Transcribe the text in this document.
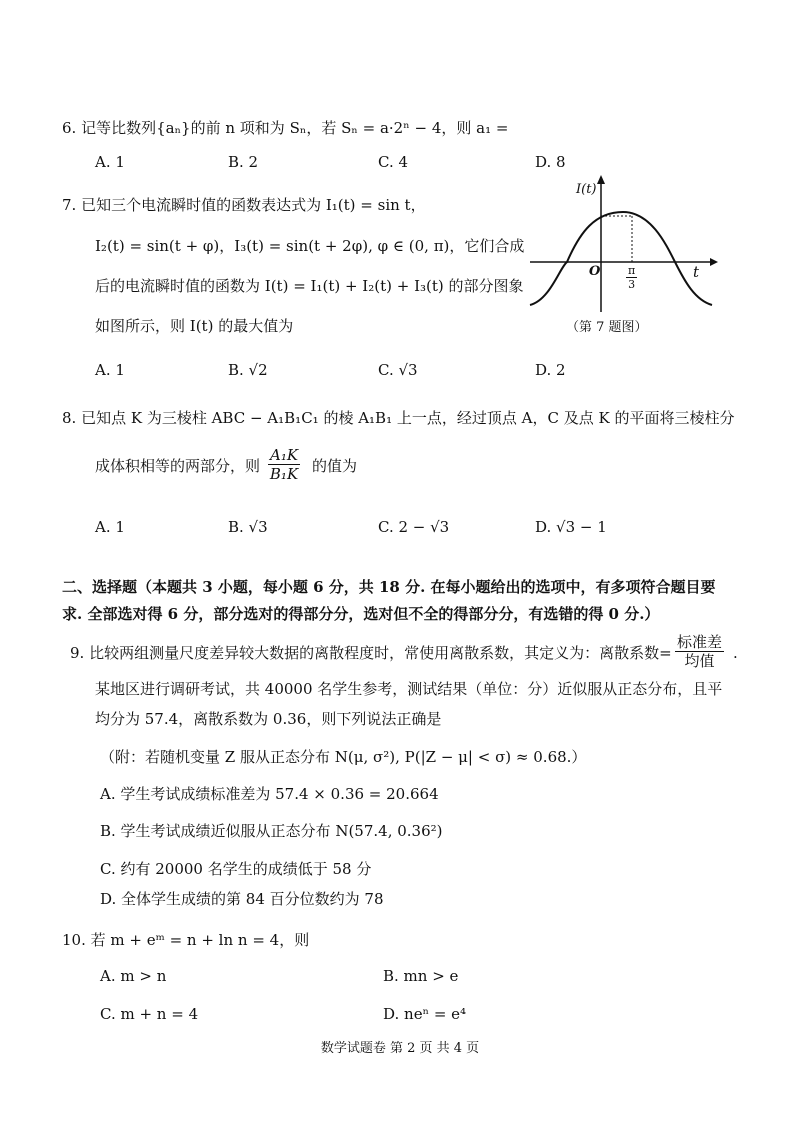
6. 记等比数列{aₙ}的前 n 项和为 Sₙ，若 Sₙ = a·2ⁿ − 4，则 a₁ =
A. 1	B. 2	C. 4	D. 8
7. 已知三个电流瞬时值的函数表达式为 I₁(t) = sin t，
I₂(t) = sin(t + φ)，I₃(t) = sin(t + 2φ), φ ∈ (0, π)，它们合成
后的电流瞬时值的函数为 I(t) = I₁(t) + I₂(t) + I₃(t) 的部分图象
如图所示，则 I(t) 的最大值为
I(t)
t
O $\frac{\pi}{3}$
（第 7 题图）
A. 1	B. √2	C. √3	D. 2
8. 已知点 K 为三棱柱 ABC − A₁B₁C₁ 的棱 A₁B₁ 上一点，经过顶点 A，C 及点 K 的平面将三棱柱分
成体积相等的两部分，则 $\frac{\text{A₁K}}{\text{B₁K}}$ 的值为
A. 1	B. √3	C. 2 − √3	D. √3 − 1
二、选择题（本题共 3 小题，每小题 6 分，共 18 分. 在每小题给出的选项中，有多项符合题目要
求. 全部选对得 6 分，部分选对的得部分分，选对但不全的得部分分，有选错的得 0 分.）
9. 比较两组测量尺度差异较大数据的离散程度时，常使用离散系数，其定义为：离散系数=
标准差
均值	.
某地区进行调研考试，共 40000 名学生参考，测试结果（单位：分）近似服从正态分布，且平
均分为 57.4，离散系数为 0.36，则下列说法正确是
（附：若随机变量 Z 服从正态分布 N(μ, σ²), P(|Z − μ| < σ) ≈ 0.68.）
A. 学生考试成绩标准差为 57.4 × 0.36 = 20.664
B. 学生考试成绩近似服从正态分布 N(57.4, 0.36²)
C. 约有 20000 名学生的成绩低于 58 分
D. 全体学生成绩的第 84 百分位数约为 78
10. 若 m + eᵐ = n + ln n = 4，则
A. m > n	B. mn > e
C. m + n = 4	D. neⁿ = e⁴
数学试题卷 第 2 页 共 4 页
